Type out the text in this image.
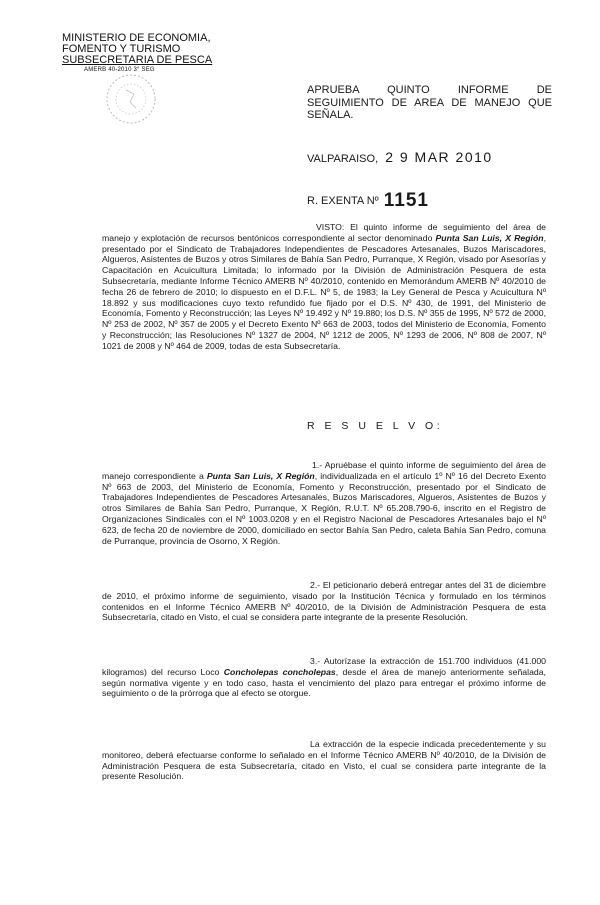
MINISTERIO DE ECONOMIA,
FOMENTO Y TURISMO
SUBSECRETARIA DE PESCA
AMERB 40-2010 3° SEG
APRUEBA QUINTO INFORME DE SEGUIMIENTO DE AREA DE MANEJO QUE SEÑALA.
VALPARAISO, 2 9 MAR 2010
R. EXENTA Nº 1151

VISTO: El quinto informe de seguimiento del área de manejo y explotación de recursos bentónicos correspondiente al sector denominado Punta San Luis, X Región, presentado por el Sindicato de Trabajadores Independientes de Pescadores Artesanales, Buzos Mariscadores, Algueros, Asistentes de Buzos y otros Similares de Bahía San Pedro, Purranque, X Región, visado por Asesorías y Capacitación en Acuicultura Limitada; lo informado por la División de Administración Pesquera de esta Subsecretaría, mediante Informe Técnico AMERB Nº 40/2010, contenido en Memorándum AMERB Nº 40/2010 de fecha 26 de febrero de 2010; lo dispuesto en el D.F.L. Nº 5, de 1983; la Ley General de Pesca y Acuicultura Nº 18.892 y sus modificaciones cuyo texto refundido fue fijado por el D.S. Nº 430, de 1991, del Ministerio de Economía, Fomento y Reconstrucción; las Leyes Nº 19.492 y Nº 19.880; los D.S. Nº 355 de 1995, Nº 572 de 2000, Nº 253 de 2002, Nº 357 de 2005 y el Decreto Exento Nº 663 de 2003, todos del Ministerio de Economía, Fomento y Reconstrucción; las Resoluciones Nº 1327 de 2004, Nº 1212 de 2005, Nº 1293 de 2006, Nº 808 de 2007, Nº 1021 de 2008 y Nº 464 de 2009, todas de esta Subsecretaría.

R E S U E L V O:

1.- Apruébase el quinto informe de seguimiento del área de manejo correspondiente a Punta San Luis, X Región, individualizada en el artículo 1º Nº 16 del Decreto Exento Nº 663 de 2003, del Ministerio de Economía, Fomento y Reconstrucción, presentado por el Sindicato de Trabajadores Independientes de Pescadores Artesanales, Buzos Mariscadores, Algueros, Asistentes de Buzos y otros Similares de Bahía San Pedro, Purranque, X Región, R.U.T. Nº 65.208.790-6, inscrito en el Registro de Organizaciones Sindicales con el Nº 1003.0208 y en el Registro Nacional de Pescadores Artesanales bajo el Nº 623, de fecha 20 de noviembre de 2000, domiciliado en sector Bahía San Pedro, caleta Bahía San Pedro, comuna de Purranque, provincia de Osorno, X Región.

2.- El peticionario deberá entregar antes del 31 de diciembre de 2010, el próximo informe de seguimiento, visado por la Institución Técnica y formulado en los términos contenidos en el Informe Técnico AMERB Nº 40/2010, de la División de Administración Pesquera de esta Subsecretaría, citado en Visto, el cual se considera parte integrante de la presente Resolución.

3.- Autorízase la extracción de 151.700 individuos (41.000 kilogramos) del recurso Loco Concholepas concholepas, desde el área de manejo anteriormente señalada, según normativa vigente y en todo caso, hasta el vencimiento del plazo para entregar el próximo informe de seguimiento o de la prórroga que al efecto se otorgue.

La extracción de la especie indicada precedentemente y su monitoreo, deberá efectuarse conforme lo señalado en el Informe Técnico AMERB Nº 40/2010, de la División de Administración Pesquera de esta Subsecretaría, citado en Visto, el cual se considera parte integrante de la presente Resolución.
